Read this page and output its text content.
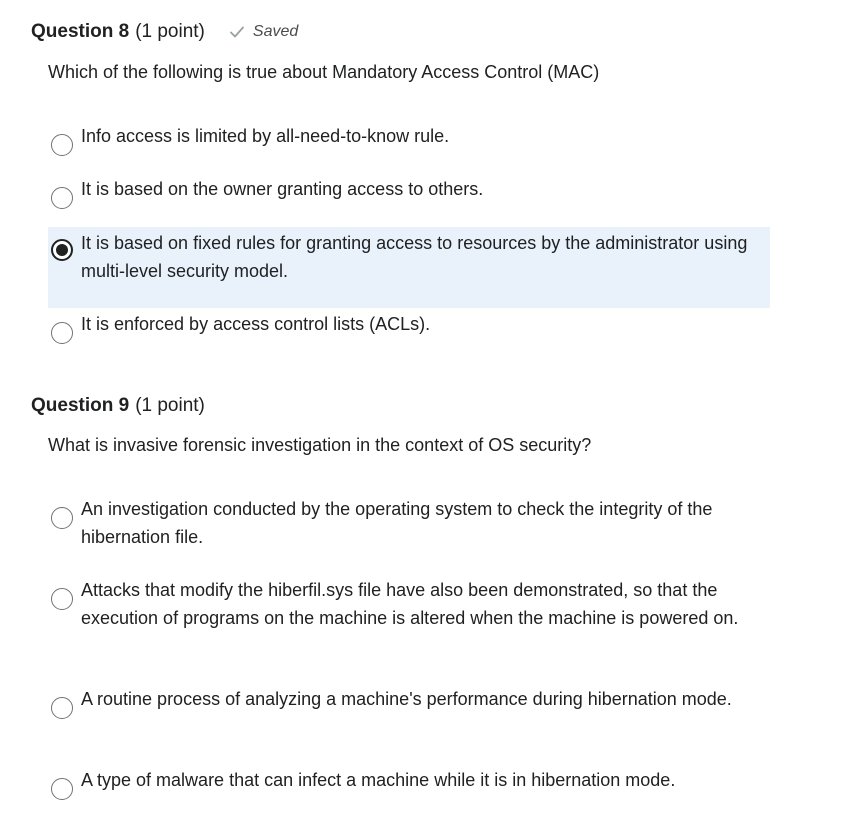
Question 8 (1 point)	Saved
Which of the following is true about Mandatory Access Control (MAC)
Info access is limited by all-need-to-know rule.
It is based on the owner granting access to others.
It is based on fixed rules for granting access to resources by the administrator using multi-level security model.
It is enforced by access control lists (ACLs).
Question 9 (1 point)
What is invasive forensic investigation in the context of OS security?
An investigation conducted by the operating system to check the integrity of the hibernation file.
Attacks that modify the hiberfil.sys file have also been demonstrated, so that the execution of programs on the machine is altered when the machine is powered on.
A routine process of analyzing a machine's performance during hibernation mode.
A type of malware that can infect a machine while it is in hibernation mode.
